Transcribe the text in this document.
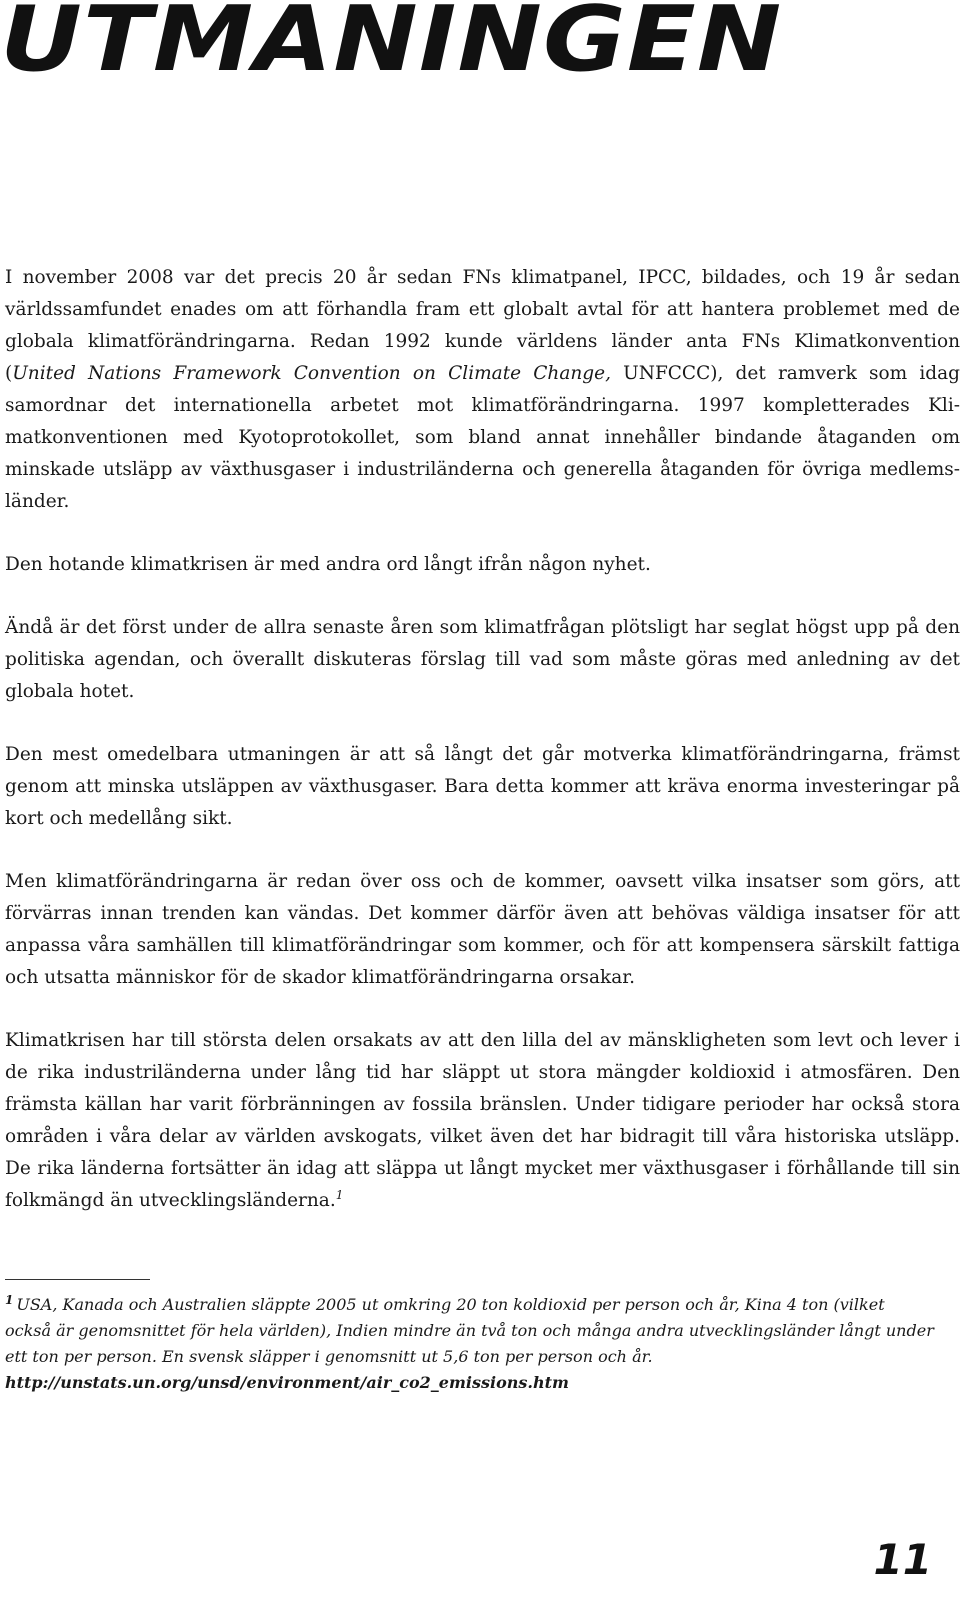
UTMANINGEN

I november 2008 var det precis 20 år sedan FNs klimatpanel, IPCC, bildades, och 19 år sedan världssamfundet enades om att förhandla fram ett globalt avtal för att hantera problemet med de globala klimatförändringarna. Redan 1992 kunde världens länder anta FNs Klimatkonvention (United Nations Framework Convention on Climate Change, UNFCCC), det ramverk som idag samordnar det internationella arbetet mot klimatförändringarna. 1997 kompletterades Klimatkonventionen med Kyotoprotokollet, som bland annat innehåller bindande åtaganden om minskade utsläpp av växthusgaser i industriländerna och generella åtaganden för övriga medlemsländer.

Den hotande klimatkrisen är med andra ord långt ifrån någon nyhet.

Ändå är det först under de allra senaste åren som klimatfrågan plötsligt har seglat högst upp på den politiska agendan, och överallt diskuteras förslag till vad som måste göras med anledning av det globala hotet.

Den mest omedelbara utmaningen är att så långt det går motverka klimatförändringarna, främst genom att minska utsläppen av växthusgaser. Bara detta kommer att kräva enorma investeringar på kort och medellång sikt.

Men klimatförändringarna är redan över oss och de kommer, oavsett vilka insatser som görs, att förvärras innan trenden kan vändas. Det kommer därför även att behövas väldiga insatser för att anpassa våra samhällen till klimatförändringar som kommer, och för att kompensera särskilt fattiga och utsatta människor för de skador klimatförändringarna orsakar.

Klimatkrisen har till största delen orsakats av att den lilla del av mänskligheten som levt och lever i de rika industriländerna under lång tid har släppt ut stora mängder koldioxid i atmosfären. Den främsta källan har varit förbränningen av fossila bränslen. Under tidigare perioder har också stora områden i våra delar av världen avskogats, vilket även det har bidragit till våra historiska utsläpp. De rika länderna fortsätter än idag att släppa ut långt mycket mer växthusgaser i förhållande till sin folkmängd än utvecklingsländerna.$^1$

$^1$ USA, Kanada och Australien släppte 2005 ut omkring 20 ton koldioxid per person och år, Kina 4 ton (vilket också är genomsnittet för hela världen), Indien mindre än två ton och många andra utvecklingsländer långt under ett ton per person. En svensk släpper i genomsnitt ut 5,6 ton per person och år.
http://unstats.un.org/unsd/environment/air_co2_emissions.htm

11
